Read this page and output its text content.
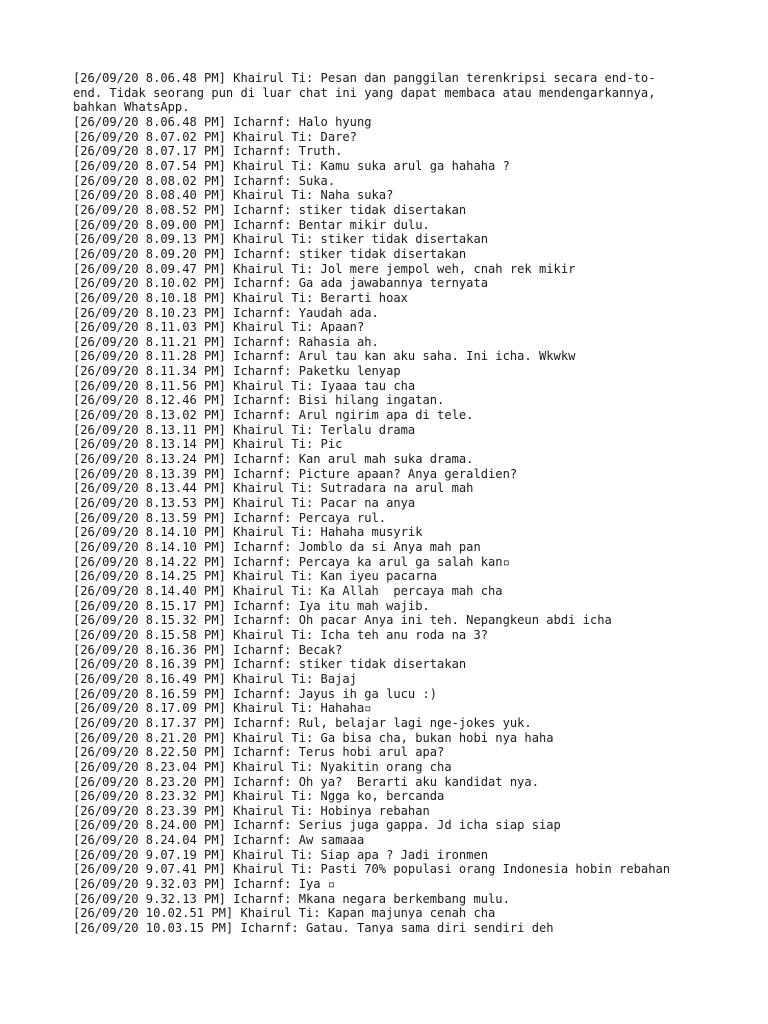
[26/09/20 8.06.48 PM] Khairul Ti: Pesan dan panggilan terenkripsi secara end-to-
end. Tidak seorang pun di luar chat ini yang dapat membaca atau mendengarkannya,
bahkan WhatsApp.
[26/09/20 8.06.48 PM] Icharnf: Halo hyung
[26/09/20 8.07.02 PM] Khairul Ti: Dare?
[26/09/20 8.07.17 PM] Icharnf: Truth.
[26/09/20 8.07.54 PM] Khairul Ti: Kamu suka arul ga hahaha ?
[26/09/20 8.08.02 PM] Icharnf: Suka.
[26/09/20 8.08.40 PM] Khairul Ti: Naha suka?
[26/09/20 8.08.52 PM] Icharnf: stiker tidak disertakan
[26/09/20 8.09.00 PM] Icharnf: Bentar mikir dulu.
[26/09/20 8.09.13 PM] Khairul Ti: stiker tidak disertakan
[26/09/20 8.09.20 PM] Icharnf: stiker tidak disertakan
[26/09/20 8.09.47 PM] Khairul Ti: Jol mere jempol weh, cnah rek mikir
[26/09/20 8.10.02 PM] Icharnf: Ga ada jawabannya ternyata
[26/09/20 8.10.18 PM] Khairul Ti: Berarti hoax
[26/09/20 8.10.23 PM] Icharnf: Yaudah ada.
[26/09/20 8.11.03 PM] Khairul Ti: Apaan?
[26/09/20 8.11.21 PM] Icharnf: Rahasia ah.
[26/09/20 8.11.28 PM] Icharnf: Arul tau kan aku saha. Ini icha. Wkwkw
[26/09/20 8.11.34 PM] Icharnf: Paketku lenyap
[26/09/20 8.11.56 PM] Khairul Ti: Iyaaa tau cha
[26/09/20 8.12.46 PM] Icharnf: Bisi hilang ingatan.
[26/09/20 8.13.02 PM] Icharnf: Arul ngirim apa di tele.
[26/09/20 8.13.11 PM] Khairul Ti: Terlalu drama
[26/09/20 8.13.14 PM] Khairul Ti: Pic
[26/09/20 8.13.24 PM] Icharnf: Kan arul mah suka drama.
[26/09/20 8.13.39 PM] Icharnf: Picture apaan? Anya geraldien?
[26/09/20 8.13.44 PM] Khairul Ti: Sutradara na arul mah
[26/09/20 8.13.53 PM] Khairul Ti: Pacar na anya
[26/09/20 8.13.59 PM] Icharnf: Percaya rul.
[26/09/20 8.14.10 PM] Khairul Ti: Hahaha musyrik
[26/09/20 8.14.10 PM] Icharnf: Jomblo da si Anya mah pan
[26/09/20 8.14.22 PM] Icharnf: Percaya ka arul ga salah kan▫
[26/09/20 8.14.25 PM] Khairul Ti: Kan iyeu pacarna
[26/09/20 8.14.40 PM] Khairul Ti: Ka Allah  percaya mah cha
[26/09/20 8.15.17 PM] Icharnf: Iya itu mah wajib.
[26/09/20 8.15.32 PM] Icharnf: Oh pacar Anya ini teh. Nepangkeun abdi icha
[26/09/20 8.15.58 PM] Khairul Ti: Icha teh anu roda na 3?
[26/09/20 8.16.36 PM] Icharnf: Becak?
[26/09/20 8.16.39 PM] Icharnf: stiker tidak disertakan
[26/09/20 8.16.49 PM] Khairul Ti: Bajaj
[26/09/20 8.16.59 PM] Icharnf: Jayus ih ga lucu :)
[26/09/20 8.17.09 PM] Khairul Ti: Hahaha▫
[26/09/20 8.17.37 PM] Icharnf: Rul, belajar lagi nge-jokes yuk.
[26/09/20 8.21.20 PM] Khairul Ti: Ga bisa cha, bukan hobi nya haha
[26/09/20 8.22.50 PM] Icharnf: Terus hobi arul apa?
[26/09/20 8.23.04 PM] Khairul Ti: Nyakitin orang cha
[26/09/20 8.23.20 PM] Icharnf: Oh ya?  Berarti aku kandidat nya.
[26/09/20 8.23.32 PM] Khairul Ti: Ngga ko, bercanda
[26/09/20 8.23.39 PM] Khairul Ti: Hobinya rebahan
[26/09/20 8.24.00 PM] Icharnf: Serius juga gappa. Jd icha siap siap
[26/09/20 8.24.04 PM] Icharnf: Aw samaaa
[26/09/20 9.07.19 PM] Khairul Ti: Siap apa ? Jadi ironmen
[26/09/20 9.07.41 PM] Khairul Ti: Pasti 70% populasi orang Indonesia hobin rebahan
[26/09/20 9.32.03 PM] Icharnf: Iya ▫
[26/09/20 9.32.13 PM] Icharnf: Mkana negara berkembang mulu.
[26/09/20 10.02.51 PM] Khairul Ti: Kapan majunya cenah cha
[26/09/20 10.03.15 PM] Icharnf: Gatau. Tanya sama diri sendiri deh
